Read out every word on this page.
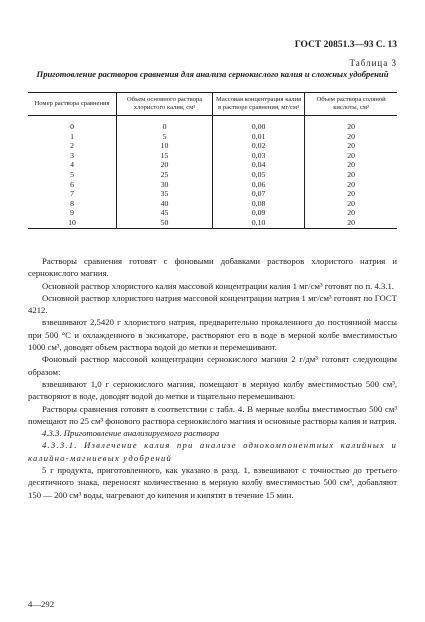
ГОСТ 20851.3—93 С. 13
Таблица 3
Приготовление растворов сравнения для анализа сернокислого калия и сложных удобрений
Номер раствора сравнения	Объем основного раствора хлористого калия, см³	Массовая концентрация калия в растворе сравнения, мг/см³	Объем раствора соляной кислоты, см³
0	0	0,00	20
1	5	0,01	20
2	10	0,02	20
3	15	0,03	20
4	20	0,04	20
5	25	0,05	20
6	30	0,06	20
7	35	0,07	20
8	40	0,08	20
9	45	0,09	20
10	50	0,10	20

Растворы сравнения готовят с фоновыми добавками растворов хлористого натрия и сернокислого магния.

Основной раствор хлористого калия массовой концентрации калия 1 мг/см³ готовят по п. 4.3.1.

Основной раствор хлористого натрия массовой концентрации натрия 1 мг/см³ готовят по ГОСТ 4212.

взвешивают 2,5420 г хлористого натрия, предварительно прокаленного до постоянной массы при 500 °С и охлажденного в эксикаторе, растворяют его в воде в мерной колбе вместимостью 1000 см³, доводят объем раствора водой до метки и перемешивают.

Фоновый раствор массовой концентрации сернокислого магния 2 г/дм³ готовят следующим образом:

взвешивают 1,0 г сернокислого магния, помещают в мерную колбу вместимостью 500 см³, растворяют в воде, доводят водой до метки и тщательно перемешивают.

Растворы сравнения готовят в соответствии с табл. 4. В мерные колбы вместимостью 500 см³ помещают по 25 см³ фонового раствора сернокислого магния и основные растворы калия и натрия.

4.3.3. Приготовление анализируемого раствора

4.3.3.1. Извлечение калия при анализе однокомпонентных калийных и калийно-магниевых удобрений

5 г продукта, приготовленного, как указано в разд. 1, взвешивают с точностью до третьего десятичного знака, переносят количественно в мерную колбу вместимостью 500 см³, добавляют 150 — 200 см³ воды, нагревают до кипения и кипятят в течение 15 мин.

4—292
